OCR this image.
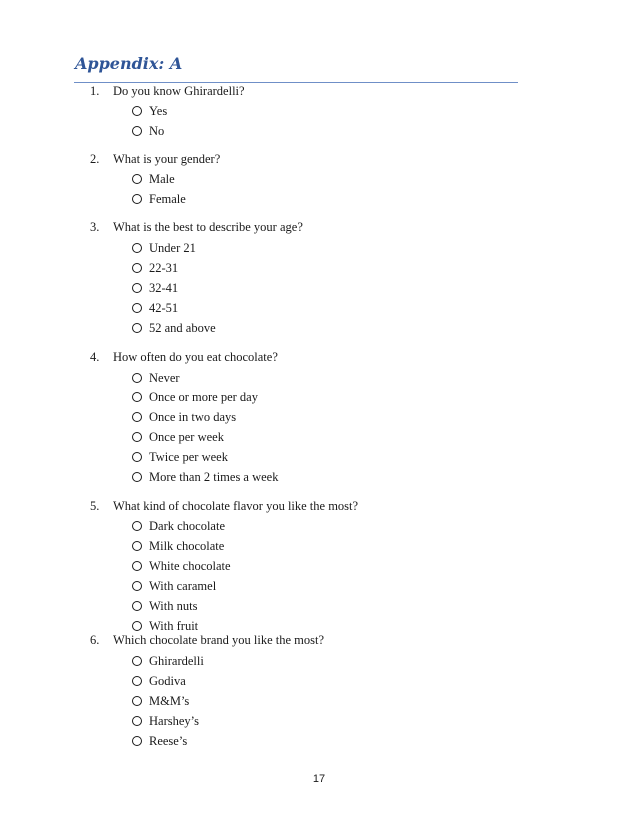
Appendix: A
1. Do you know Ghirardelli?
Yes
No
2. What is your gender?
Male
Female
3. What is the best to describe your age?
Under 21
22-31
32-41
42-51
52 and above
4. How often do you eat chocolate?
Never
Once or more per day
Once in two days
Once per week
Twice per week
More than 2 times a week
5. What kind of chocolate flavor you like the most?
Dark chocolate
Milk chocolate
White chocolate
With caramel
With nuts
With fruit
6. Which chocolate brand you like the most?
Ghirardelli
Godiva
M&M’s
Harshey’s
Reese’s
17
